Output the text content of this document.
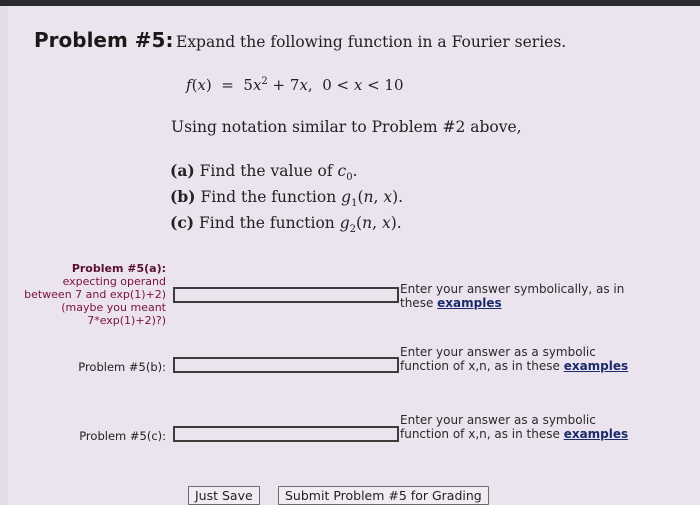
Problem #5: Expand the following function in a Fourier series.
$f(x) = 5x^2 + 7x$,  0 < x < 10
Using notation similar to Problem #2 above,
(a) Find the value of $c_0$.
(b) Find the function $g_1(n$, x).
(c) Find the function $g_2(n$, x).
Problem #5(a):
expecting operand between 7 and exp(1)+2) (maybe you meant 7*exp(1)+2)?)
Enter your answer symbolically, as in these examples
Problem #5(b):
Enter your answer as a symbolic function of x,n, as in these examples
Problem #5(c):
Enter your answer as a symbolic function of x,n, as in these examples
Just Save	Submit Problem #5 for Grading
